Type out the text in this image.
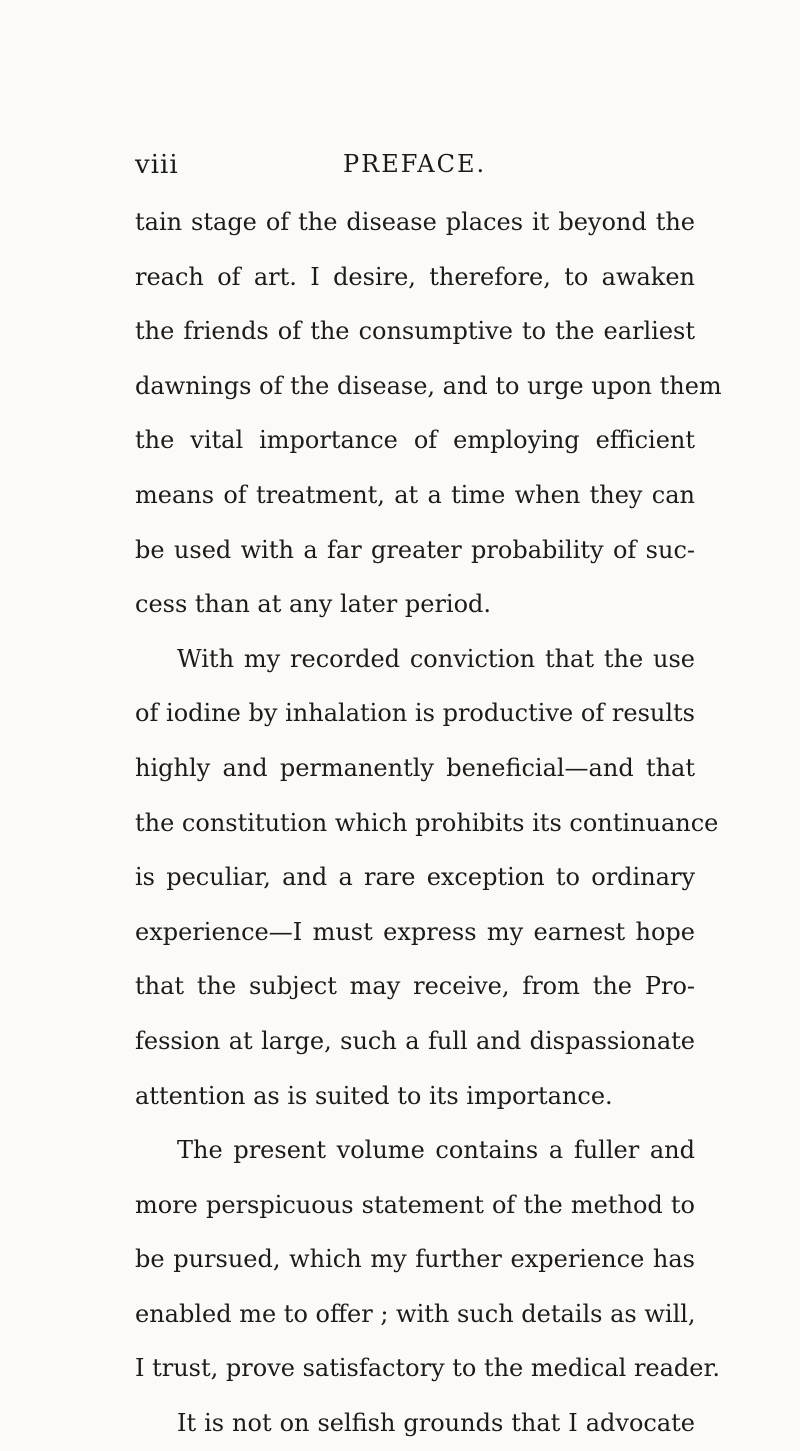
viii	PREFACE.
tain stage of the disease places it beyond the
reach of art. I desire, therefore, to awaken
the friends of the consumptive to the earliest
dawnings of the disease, and to urge upon them
the vital importance of employing efficient
means of treatment, at a time when they can
be used with a far greater probability of suc-
cess than at any later period.
With my recorded conviction that the use
of iodine by inhalation is productive of results
highly and permanently beneficial—and that
the constitution which prohibits its continuance
is peculiar, and a rare exception to ordinary
experience—I must express my earnest hope
that the subject may receive, from the Pro-
fession at large, such a full and dispassionate
attention as is suited to its importance.
The present volume contains a fuller and
more perspicuous statement of the method to
be pursued, which my further experience has
enabled me to offer ; with such details as will,
I trust, prove satisfactory to the medical reader.
It is not on selfish grounds that I advocate
